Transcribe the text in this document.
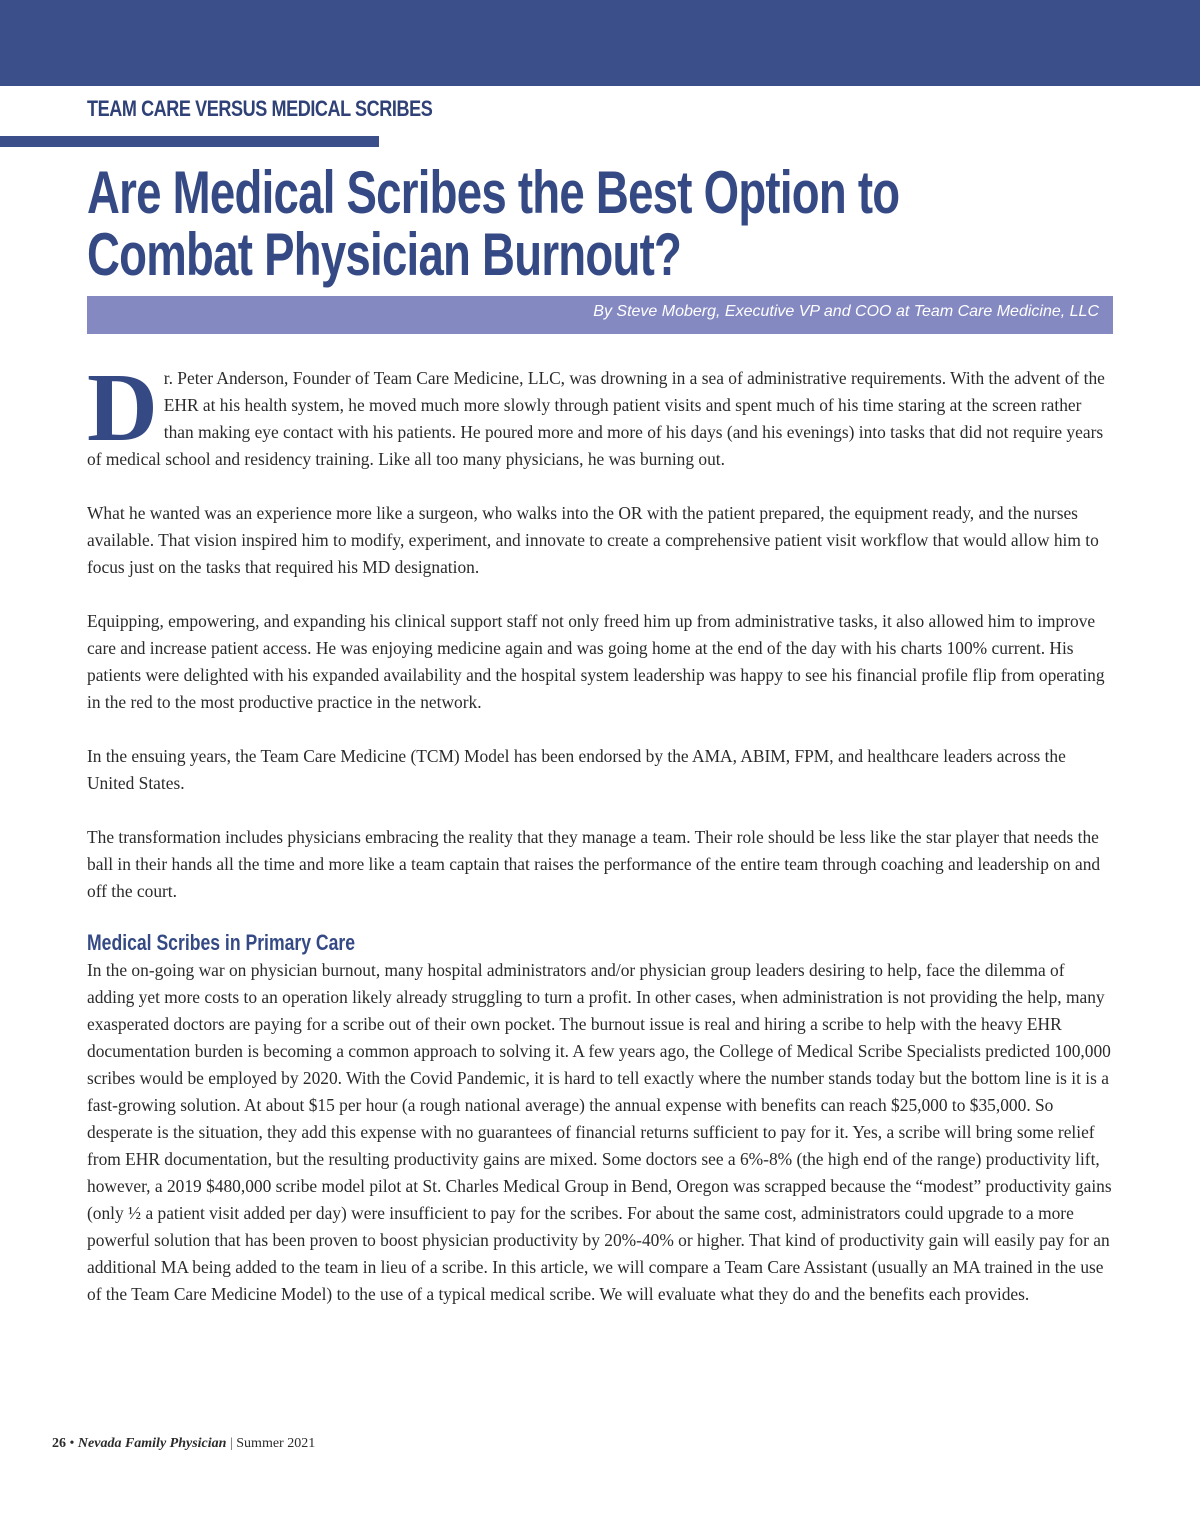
TEAM CARE VERSUS MEDICAL SCRIBES
Are Medical Scribes the Best Option to
Combat Physician Burnout?
By Steve Moberg, Executive VP and COO at Team Care Medicine, LLC

Dr. Peter Anderson, Founder of Team Care Medicine, LLC, was drowning in a sea of administrative requirements. With the advent of the EHR at his health system, he moved much more slowly through patient visits and spent much of his time staring at the screen rather than making eye contact with his patients. He poured more and more of his days (and his evenings) into tasks that did not require years of medical school and residency training. Like all too many physicians, he was burning out.

What he wanted was an experience more like a surgeon, who walks into the OR with the patient prepared, the equipment ready, and the nurses available. That vision inspired him to modify, experiment, and innovate to create a comprehensive patient visit workflow that would allow him to focus just on the tasks that required his MD designation.

Equipping, empowering, and expanding his clinical support staff not only freed him up from administrative tasks, it also allowed him to improve care and increase patient access. He was enjoying medicine again and was going home at the end of the day with his charts 100% current. His patients were delighted with his expanded availability and the hospital system leadership was happy to see his financial profile flip from operating in the red to the most productive practice in the network.

In the ensuing years, the Team Care Medicine (TCM) Model has been endorsed by the AMA, ABIM, FPM, and healthcare leaders across the United States.

The transformation includes physicians embracing the reality that they manage a team. Their role should be less like the star player that needs the ball in their hands all the time and more like a team captain that raises the performance of the entire team through coaching and leadership on and off the court.

Medical Scribes in Primary Care

In the on-going war on physician burnout, many hospital administrators and/or physician group leaders desiring to help, face the dilemma of adding yet more costs to an operation likely already struggling to turn a profit. In other cases, when administration is not providing the help, many exasperated doctors are paying for a scribe out of their own pocket. The burnout issue is real and hiring a scribe to help with the heavy EHR documentation burden is becoming a common approach to solving it. A few years ago, the College of Medical Scribe Specialists predicted 100,000 scribes would be employed by 2020. With the Covid Pandemic, it is hard to tell exactly where the number stands today but the bottom line is it is a fast-growing solution. At about $15 per hour (a rough national average) the annual expense with benefits can reach $25,000 to $35,000. So desperate is the situation, they add this expense with no guarantees of financial returns sufficient to pay for it. Yes, a scribe will bring some relief from EHR documentation, but the resulting productivity gains are mixed. Some doctors see a 6%-8% (the high end of the range) productivity lift, however, a 2019 $480,000 scribe model pilot at St. Charles Medical Group in Bend, Oregon was scrapped because the “modest” productivity gains (only ½ a patient visit added per day) were insufficient to pay for the scribes. For about the same cost, administrators could upgrade to a more powerful solution that has been proven to boost physician productivity by 20%-40% or higher. That kind of productivity gain will easily pay for an additional MA being added to the team in lieu of a scribe. In this article, we will compare a Team Care Assistant (usually an MA trained in the use of the Team Care Medicine Model) to the use of a typical medical scribe. We will evaluate what they do and the benefits each provides.

26 • Nevada Family Physician | Summer 2021
